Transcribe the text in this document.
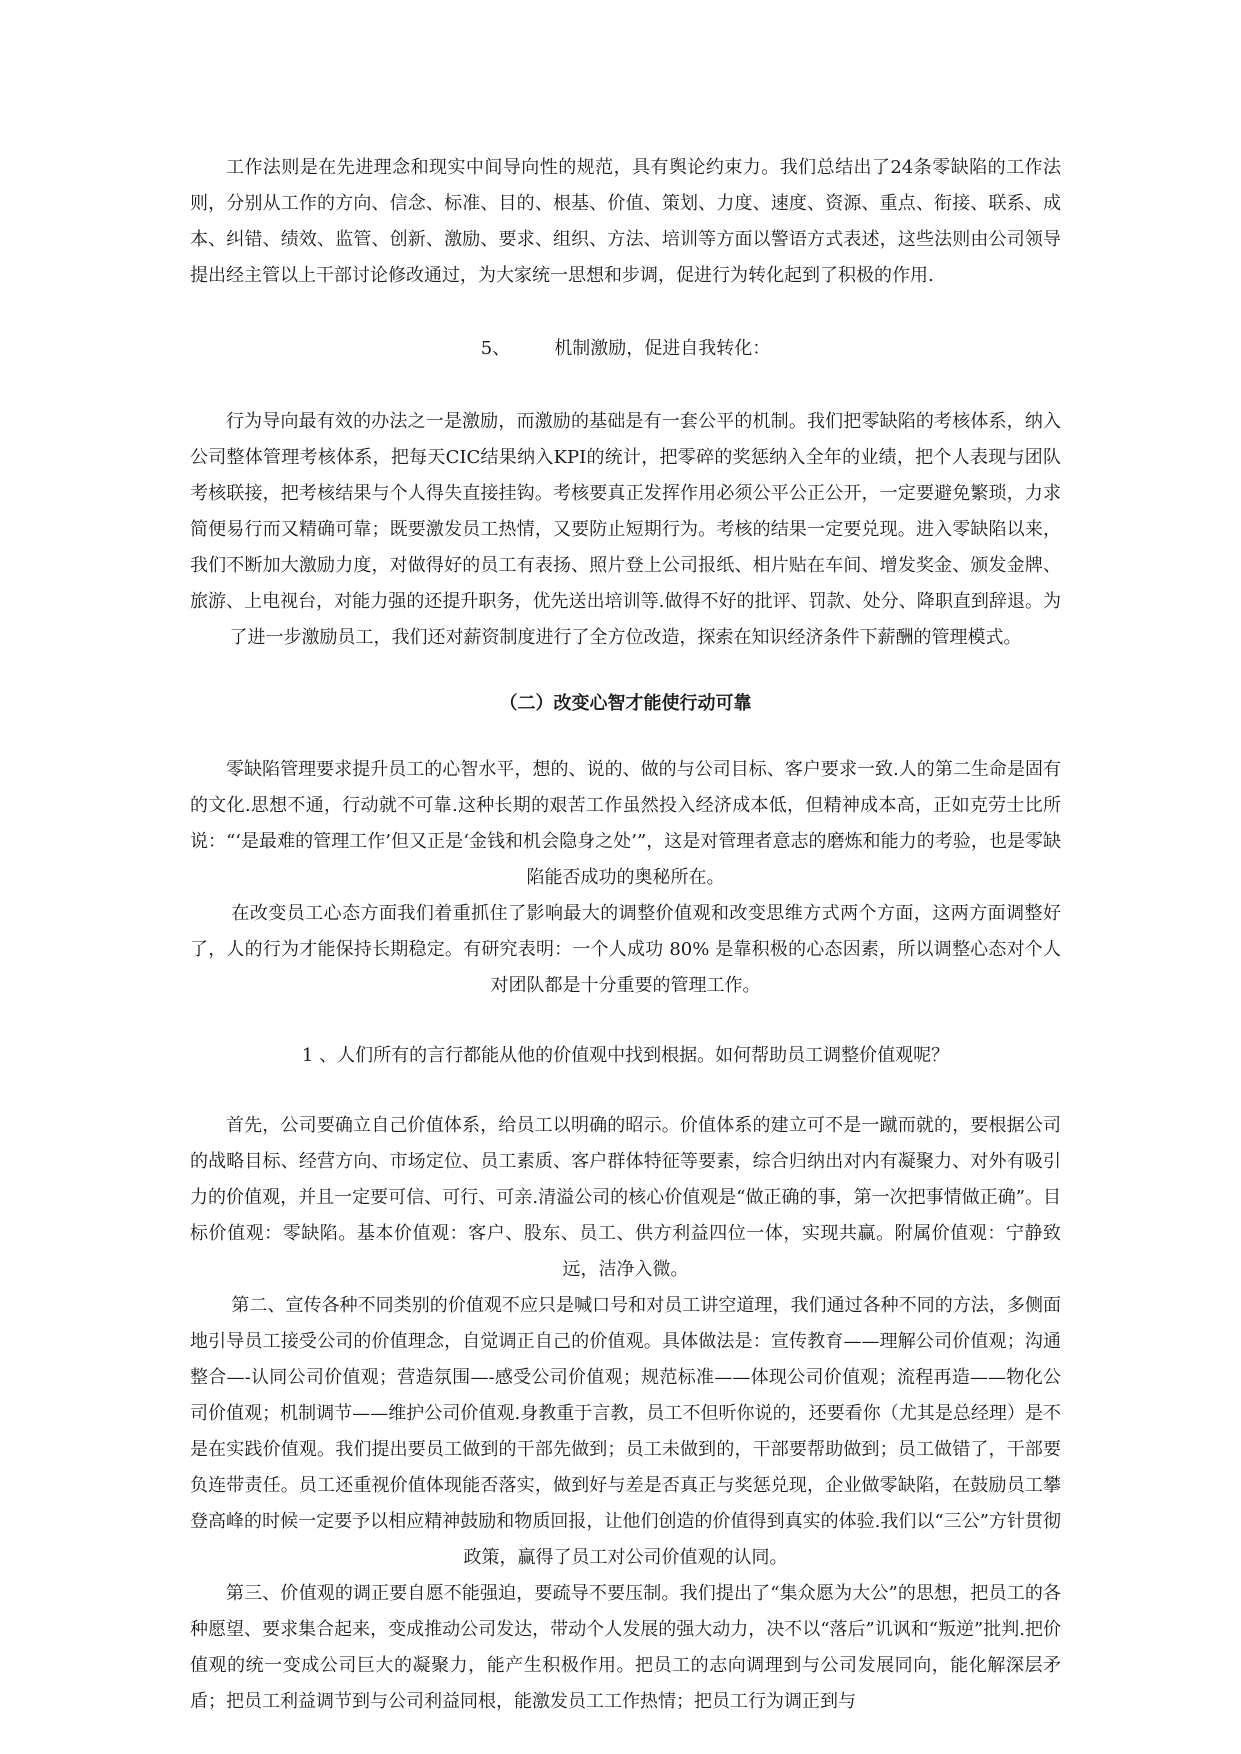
工作法则是在先进理念和现实中间导向性的规范，具有舆论约束力。我们总结出了24条零缺陷的工作法则，分别从工作的方向、信念、标准、目的、根基、价值、策划、力度、速度、资源、重点、衔接、联系、成本、纠错、绩效、监管、创新、激励、要求、组织、方法、培训等方面以警语方式表述，这些法则由公司领导提出经主管以上干部讨论修改通过，为大家统一思想和步调，促进行为转化起到了积极的作用.

5、 机制激励，促进自我转化：

行为导向最有效的办法之一是激励，而激励的基础是有一套公平的机制。我们把零缺陷的考核体系，纳入公司整体管理考核体系，把每天CIC结果纳入KPI的统计，把零碎的奖惩纳入全年的业绩，把个人表现与团队考核联接，把考核结果与个人得失直接挂钩。考核要真正发挥作用必须公平公正公开，一定要避免繁琐，力求简便易行而又精确可靠；既要激发员工热情，又要防止短期行为。考核的结果一定要兑现。进入零缺陷以来，我们不断加大激励力度，对做得好的员工有表扬、照片登上公司报纸、相片贴在车间、增发奖金、颁发金牌、旅游、上电视台，对能力强的还提升职务，优先送出培训等.做得不好的批评、罚款、处分、降职直到辞退。为了进一步激励员工，我们还对薪资制度进行了全方位改造，探索在知识经济条件下薪酬的管理模式。

（二）改变心智才能使行动可靠

零缺陷管理要求提升员工的心智水平，想的、说的、做的与公司目标、客户要求一致.人的第二生命是固有的文化.思想不通，行动就不可靠.这种长期的艰苦工作虽然投入经济成本低，但精神成本高，正如克劳士比所说：“‘是最难的管理工作’但又正是‘金钱和机会隐身之处’”，这是对管理者意志的磨炼和能力的考验，也是零缺陷能否成功的奥秘所在。

在改变员工心态方面我们着重抓住了影响最大的调整价值观和改变思维方式两个方面，这两方面调整好了，人的行为才能保持长期稳定。有研究表明：一个人成功 80% 是靠积极的心态因素，所以调整心态对个人对团队都是十分重要的管理工作。

1 、人们所有的言行都能从他的价值观中找到根据。如何帮助员工调整价值观呢？

首先，公司要确立自己价值体系，给员工以明确的昭示。价值体系的建立可不是一蹴而就的，要根据公司的战略目标、经营方向、市场定位、员工素质、客户群体特征等要素，综合归纳出对内有凝聚力、对外有吸引力的价值观，并且一定要可信、可行、可亲.清溢公司的核心价值观是“做正确的事，第一次把事情做正确”。目标价值观：零缺陷。基本价值观：客户、股东、员工、供方利益四位一体，实现共赢。附属价值观：宁静致远，洁净入微。

第二、宣传各种不同类别的价值观不应只是喊口号和对员工讲空道理，我们通过各种不同的方法，多侧面地引导员工接受公司的价值理念，自觉调正自己的价值观。具体做法是：宣传教育——理解公司价值观；沟通整合—-认同公司价值观；营造氛围—-感受公司价值观；规范标准——体现公司价值观；流程再造——物化公司价值观；机制调节——维护公司价值观.身教重于言教，员工不但听你说的，还要看你（尤其是总经理）是不是在实践价值观。我们提出要员工做到的干部先做到；员工未做到的，干部要帮助做到；员工做错了，干部要负连带责任。员工还重视价值体现能否落实，做到好与差是否真正与奖惩兑现，企业做零缺陷，在鼓励员工攀登高峰的时候一定要予以相应精神鼓励和物质回报，让他们创造的价值得到真实的体验.我们以“三公”方针贯彻政策，赢得了员工对公司价值观的认同。

第三、价值观的调正要自愿不能强迫，要疏导不要压制。我们提出了“集众愿为大公”的思想，把员工的各种愿望、要求集合起来，变成推动公司发达，带动个人发展的强大动力，决不以“落后”讥讽和“叛逆”批判.把价值观的统一变成公司巨大的凝聚力，能产生积极作用。把员工的志向调理到与公司发展同向，能化解深层矛盾；把员工利益调节到与公司利益同根，能激发员工工作热情；把员工行为调正到与
